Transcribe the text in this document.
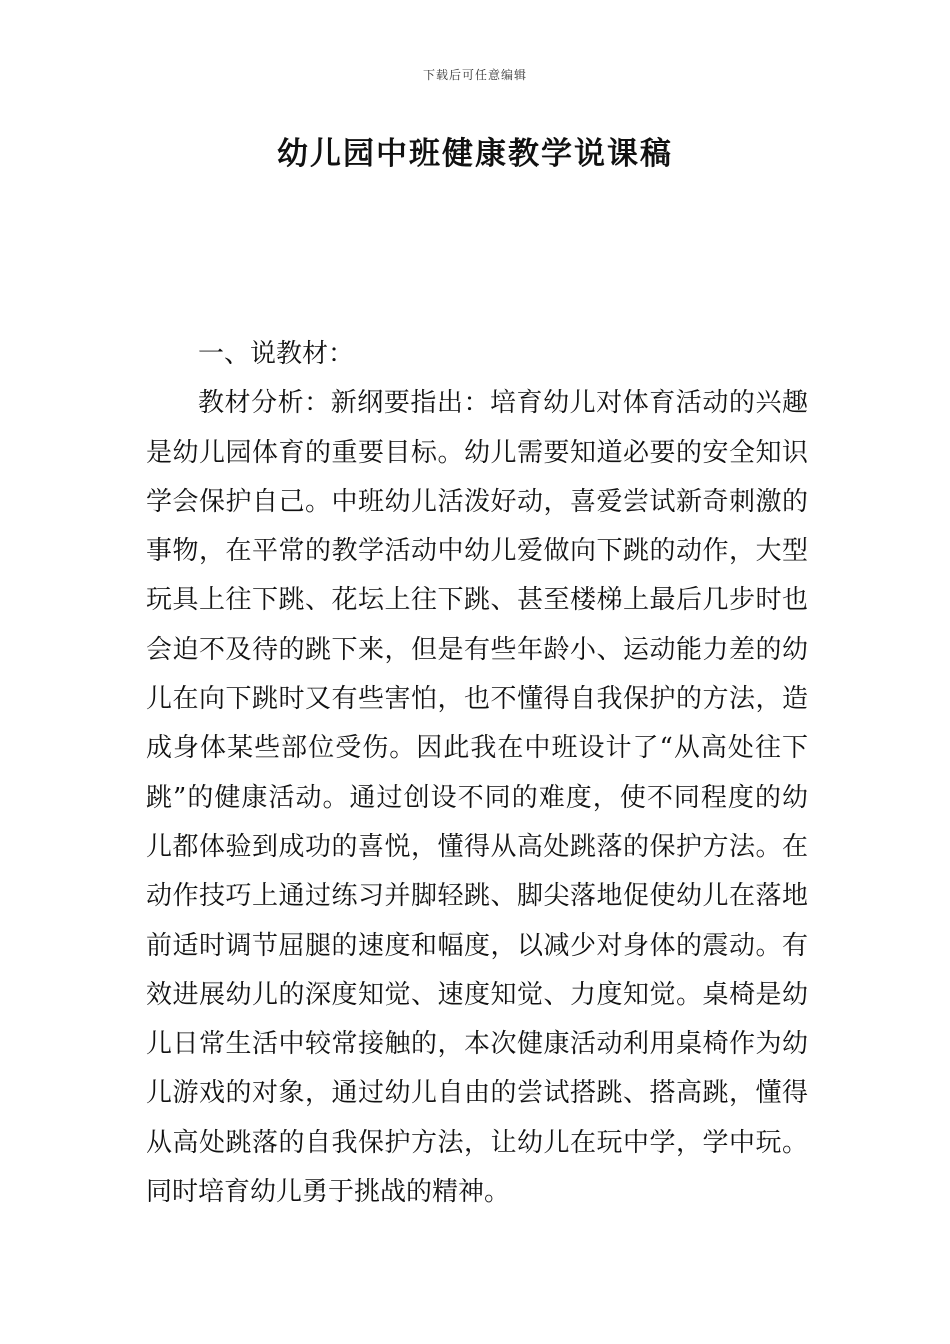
下载后可任意编辑
幼儿园中班健康教学说课稿

一、说教材：

教材分析：新纲要指出：培育幼儿对体育活动的兴趣是幼儿园体育的重要目标。幼儿需要知道必要的安全知识学会保护自己。中班幼儿活泼好动，喜爱尝试新奇刺激的事物，在平常的教学活动中幼儿爱做向下跳的动作，大型玩具上往下跳、花坛上往下跳、甚至楼梯上最后几步时也会迫不及待的跳下来，但是有些年龄小、运动能力差的幼儿在向下跳时又有些害怕，也不懂得自我保护的方法，造成身体某些部位受伤。因此我在中班设计了“从高处往下跳”的健康活动。通过创设不同的难度，使不同程度的幼儿都体验到成功的喜悦，懂得从高处跳落的保护方法。在动作技巧上通过练习并脚轻跳、脚尖落地促使幼儿在落地前适时调节屈腿的速度和幅度，以减少对身体的震动。有效进展幼儿的深度知觉、速度知觉、力度知觉。桌椅是幼儿日常生活中较常接触的，本次健康活动利用桌椅作为幼儿游戏的对象，通过幼儿自由的尝试搭跳、搭高跳，懂得从高处跳落的自我保护方法，让幼儿在玩中学，学中玩。同时培育幼儿勇于挑战的精神。
